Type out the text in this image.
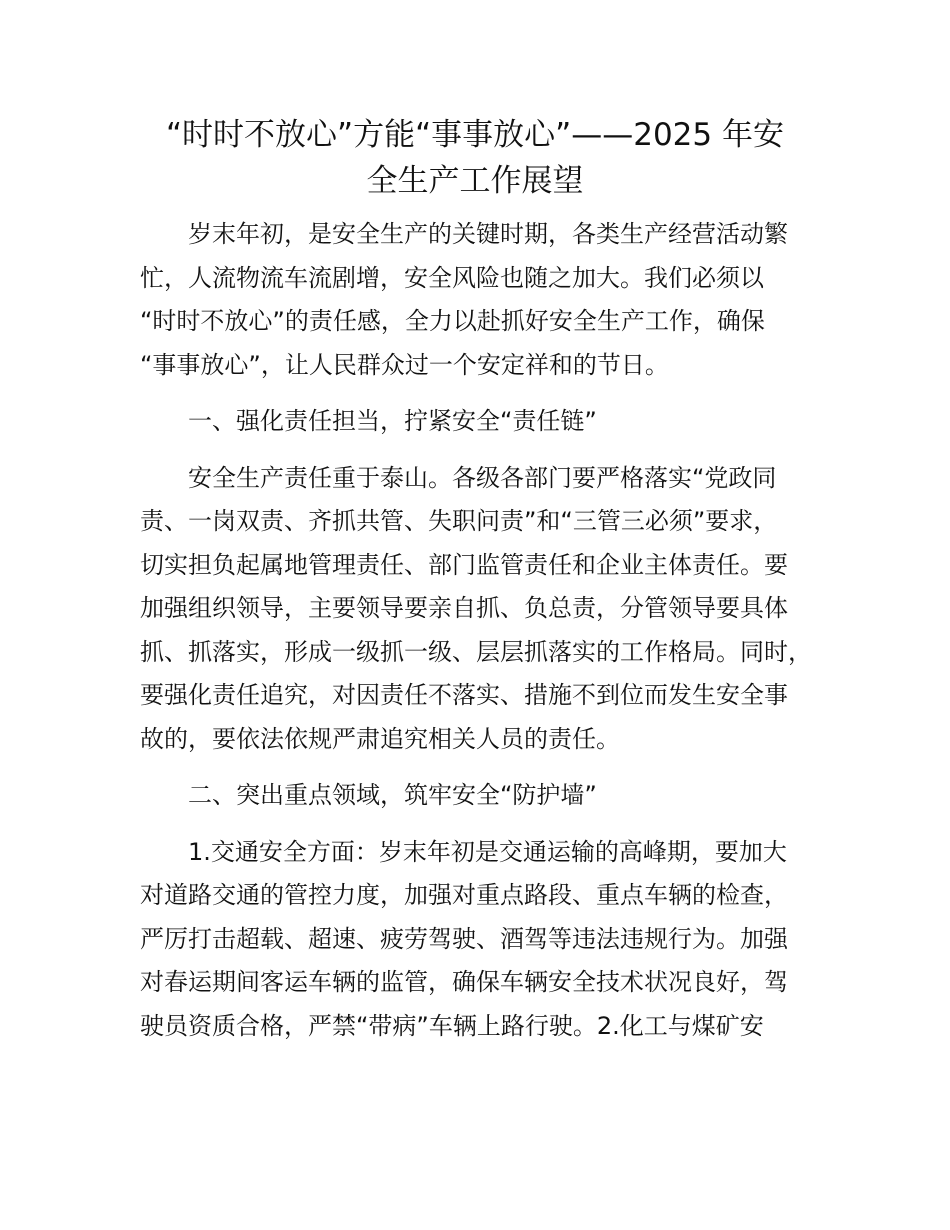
“时时不放心”方能“事事放心”——2025 年安
全生产工作展望

岁末年初，是安全生产的关键时期，各类生产经营活动繁
忙，人流物流车流剧增，安全风险也随之加大。我们必须以
“时时不放心”的责任感，全力以赴抓好安全生产工作，确保
“事事放心”，让人民群众过一个安定祥和的节日。

一、强化责任担当，拧紧安全“责任链”

安全生产责任重于泰山。各级各部门要严格落实“党政同
责、一岗双责、齐抓共管、失职问责”和“三管三必须”要求，
切实担负起属地管理责任、部门监管责任和企业主体责任。要
加强组织领导，主要领导要亲自抓、负总责，分管领导要具体
抓、抓落实，形成一级抓一级、层层抓落实的工作格局。同时，
要强化责任追究，对因责任不落实、措施不到位而发生安全事
故的，要依法依规严肃追究相关人员的责任。

二、突出重点领域，筑牢安全“防护墙”

1.交通安全方面：岁末年初是交通运输的高峰期，要加大
对道路交通的管控力度，加强对重点路段、重点车辆的检查，
严厉打击超载、超速、疲劳驾驶、酒驾等违法违规行为。加强
对春运期间客运车辆的监管，确保车辆安全技术状况良好，驾
驶员资质合格，严禁“带病”车辆上路行驶。2.化工与煤矿安
